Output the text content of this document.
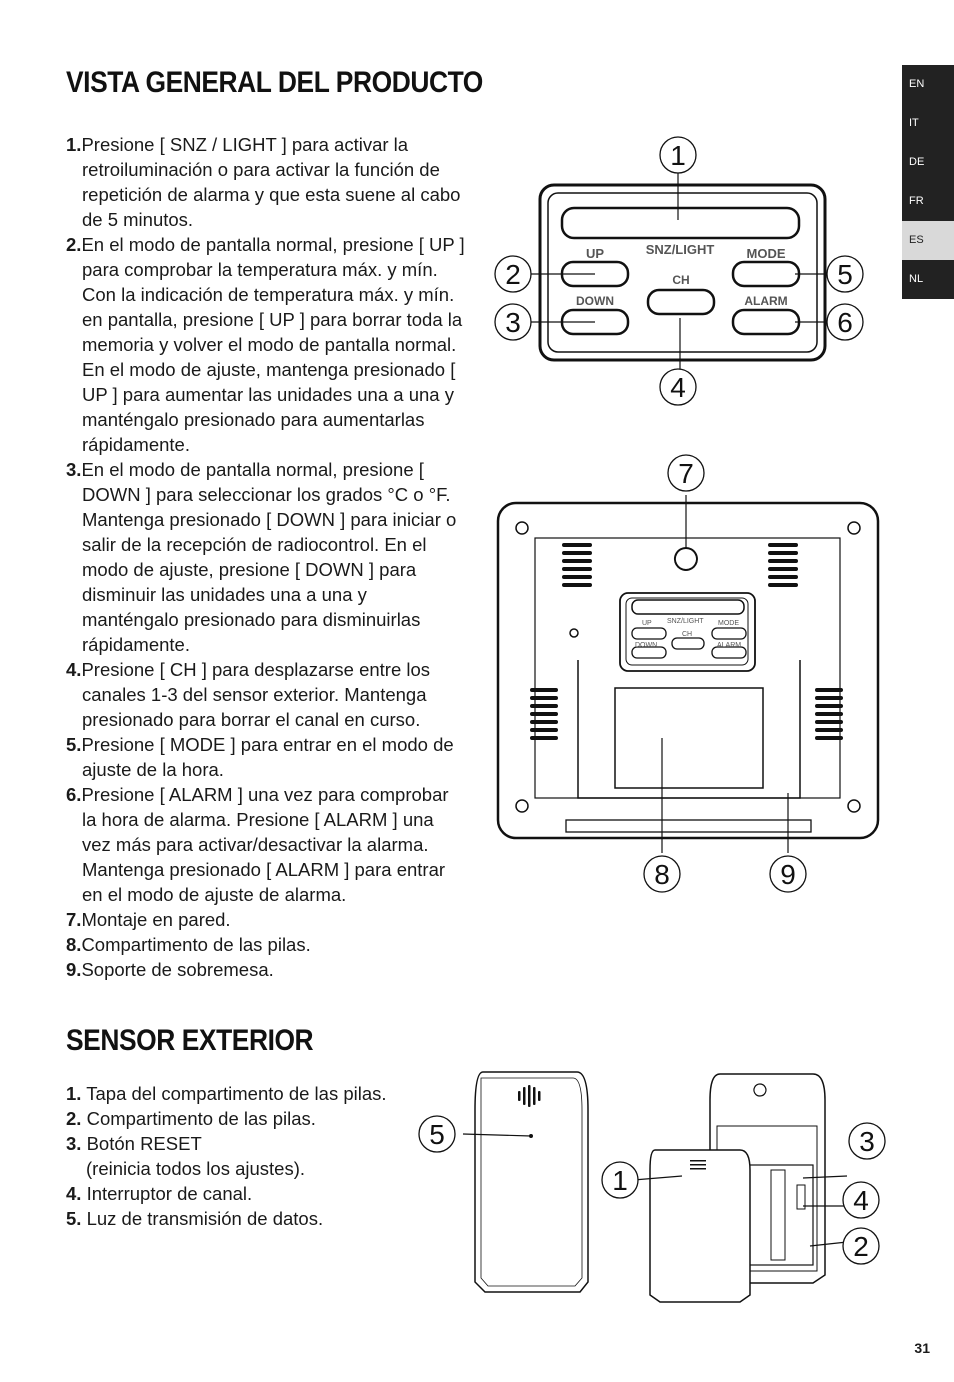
VISTA GENERAL DEL PRODUCTO
1.Presione [ SNZ / LIGHT ] para activar la retroiluminación o para activar la función de repetición de alarma y que esta suene al cabo de 5 minutos.
2.En el modo de pantalla normal, presione [ UP ] para comprobar la temperatura máx. y mín. Con la indicación de temperatura máx. y mín. en pantalla, presione [ UP ] para borrar toda la memoria y volver el modo de pantalla normal. En el modo de ajuste, mantenga presionado [ UP ] para aumentar las unidades una a una y manténgalo presionado para aumentarlas rápidamente.
3.En el modo de pantalla normal, presione [ DOWN ] para seleccionar los grados °C o °F. Mantenga presionado [ DOWN ] para iniciar o salir de la recepción de radiocontrol. En el modo de ajuste, presione [ DOWN ] para disminuir las unidades una a una y manténgalo presionado para disminuirlas rápidamente.
4.Presione [ CH ] para desplazarse entre los canales 1-3 del sensor exterior. Mantenga presionado para borrar el canal en curso.
5.Presione [ MODE ] para entrar en el modo de ajuste de la hora.
6.Presione [ ALARM ] una vez para comprobar la hora de alarma. Presione [ ALARM ] una vez más para activar/desactivar la alarma. Mantenga presionado [ ALARM ] para entrar en el modo de ajuste de alarma.
7.Montaje en pared.
8.Compartimento de las pilas.
9.Soporte de sobremesa.
SENSOR EXTERIOR
1. Tapa del compartimento de las pilas.
2. Compartimento de las pilas.
3. Botón RESET
(reinicia todos los ajustes).
4. Interruptor de canal.
5. Luz de transmisión de datos.
EN
IT
DE
FR
ES
NL
31
UP	SNZ/LIGHT MODE
CH
DOWN	ALARM
1
2
3
4
5
6
UP SNZ/LIGHT MODE
CH
DOWN	ALARM
7
8	9
5
1
3
4
2
